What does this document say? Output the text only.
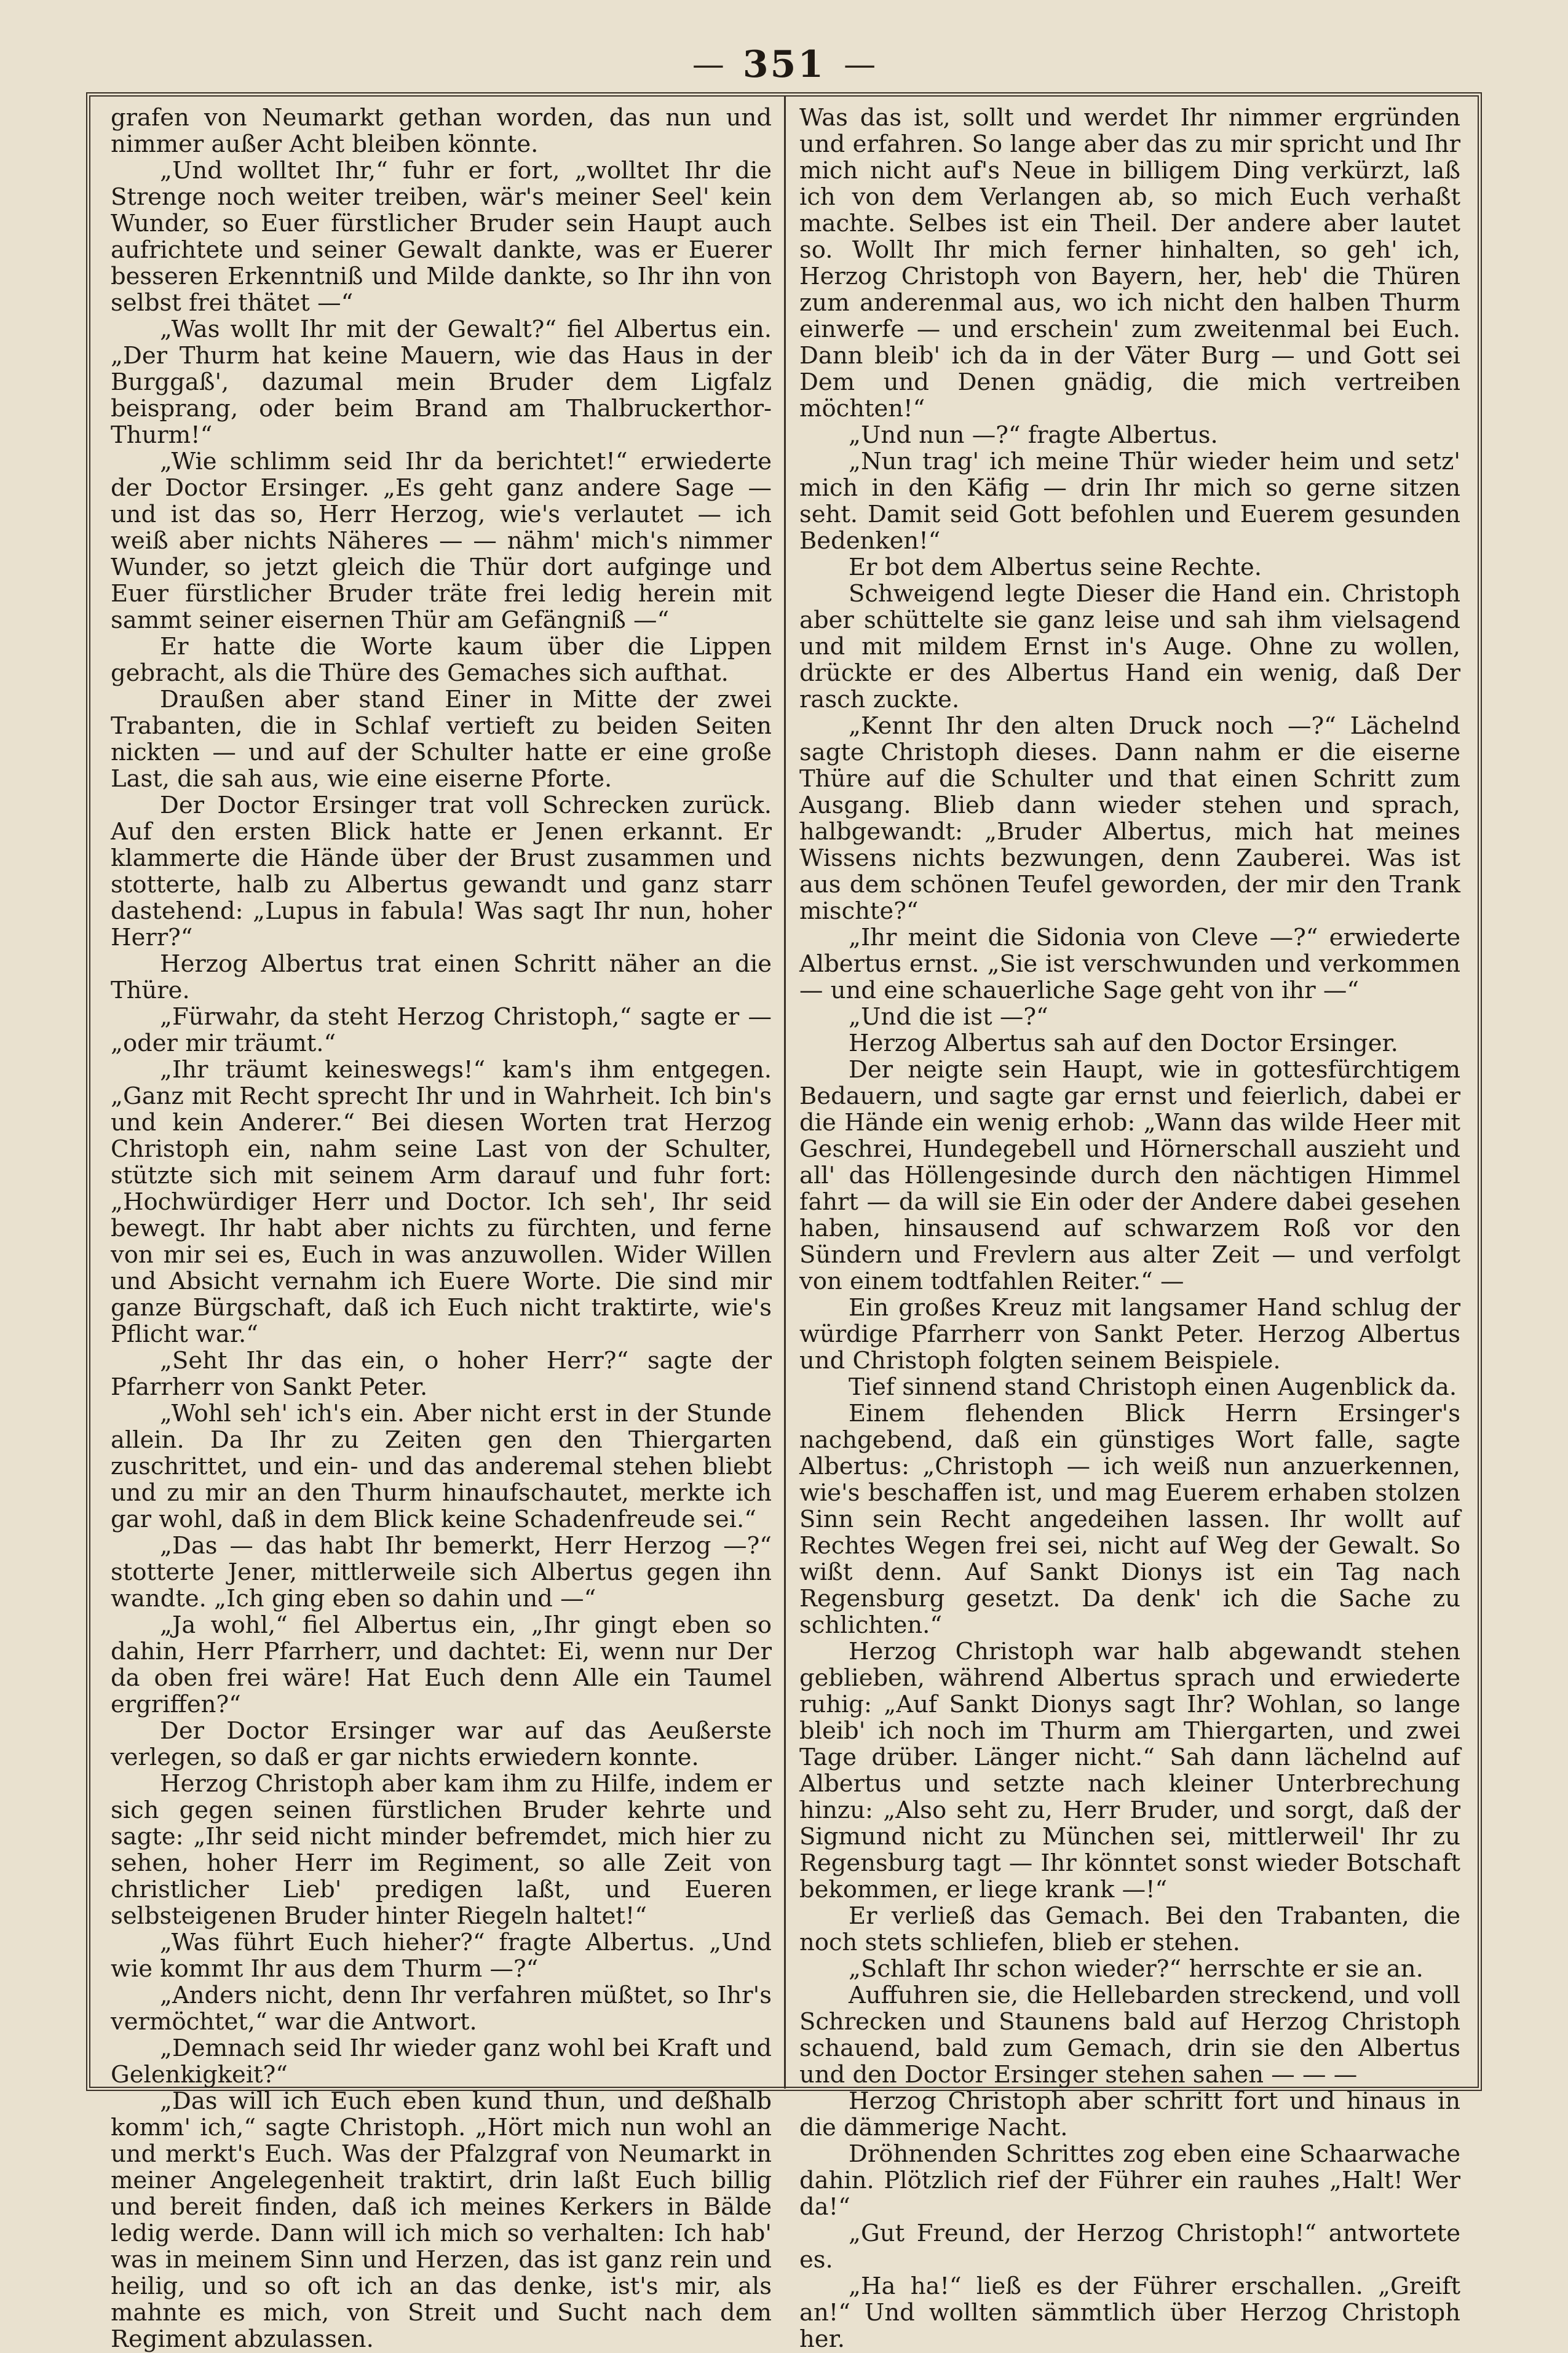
— 351 —

grafen von Neumarkt gethan worden, das nun und nimmer außer Acht bleiben könnte.

„Und wolltet Ihr,“ fuhr er fort, „wolltet Ihr die Strenge noch weiter treiben, wär's meiner Seel' kein Wunder, so Euer fürstlicher Bruder sein Haupt auch aufrichtete und seiner Gewalt dankte, was er Euerer besseren Erkenntniß und Milde dankte, so Ihr ihn von selbst frei thätet —“

„Was wollt Ihr mit der Gewalt?“ fiel Albertus ein. „Der Thurm hat keine Mauern, wie das Haus in der Burggaß', dazumal mein Bruder dem Ligfalz beisprang, oder beim Brand am Thalbruckerthor-Thurm!“

„Wie schlimm seid Ihr da berichtet!“ erwiederte der Doctor Ersinger. „Es geht ganz andere Sage — und ist das so, Herr Herzog, wie's verlautet — ich weiß aber nichts Näheres — — nähm' mich's nimmer Wunder, so jetzt gleich die Thür dort aufginge und Euer fürstlicher Bruder träte frei ledig herein mit sammt seiner eisernen Thür am Gefängniß —“

Er hatte die Worte kaum über die Lippen gebracht, als die Thüre des Gemaches sich aufthat.

Draußen aber stand Einer in Mitte der zwei Trabanten, die in Schlaf vertieft zu beiden Seiten nickten — und auf der Schulter hatte er eine große Last, die sah aus, wie eine eiserne Pforte.

Der Doctor Ersinger trat voll Schrecken zurück. Auf den ersten Blick hatte er Jenen erkannt. Er klammerte die Hände über der Brust zusammen und stotterte, halb zu Albertus gewandt und ganz starr dastehend: „Lupus in fabula! Was sagt Ihr nun, hoher Herr?“

Herzog Albertus trat einen Schritt näher an die Thüre.

„Fürwahr, da steht Herzog Christoph,“ sagte er — „oder mir träumt.“

„Ihr träumt keineswegs!“ kam's ihm entgegen. „Ganz mit Recht sprecht Ihr und in Wahrheit. Ich bin's und kein Anderer.“ Bei diesen Worten trat Herzog Christoph ein, nahm seine Last von der Schulter, stützte sich mit seinem Arm darauf und fuhr fort: „Hochwürdiger Herr und Doctor. Ich seh', Ihr seid bewegt. Ihr habt aber nichts zu fürchten, und ferne von mir sei es, Euch in was anzuwollen. Wider Willen und Absicht vernahm ich Euere Worte. Die sind mir ganze Bürgschaft, daß ich Euch nicht traktirte, wie's Pflicht war.“

„Seht Ihr das ein, o hoher Herr?“ sagte der Pfarrherr von Sankt Peter.

„Wohl seh' ich's ein. Aber nicht erst in der Stunde allein. Da Ihr zu Zeiten gen den Thiergarten zuschrittet, und ein- und das anderemal stehen bliebt und zu mir an den Thurm hinaufschautet, merkte ich gar wohl, daß in dem Blick keine Schadenfreude sei.“

„Das — das habt Ihr bemerkt, Herr Herzog —?“ stotterte Jener, mittlerweile sich Albertus gegen ihn wandte. „Ich ging eben so dahin und —“

„Ja wohl,“ fiel Albertus ein, „Ihr gingt eben so dahin, Herr Pfarrherr, und dachtet: Ei, wenn nur Der da oben frei wäre! Hat Euch denn Alle ein Taumel ergriffen?“

Der Doctor Ersinger war auf das Aeußerste verlegen, so daß er gar nichts erwiedern konnte.

Herzog Christoph aber kam ihm zu Hilfe, indem er sich gegen seinen fürstlichen Bruder kehrte und sagte: „Ihr seid nicht minder befremdet, mich hier zu sehen, hoher Herr im Regiment, so alle Zeit von christlicher Lieb' predigen laßt, und Eueren selbsteigenen Bruder hinter Riegeln haltet!“

„Was führt Euch hieher?“ fragte Albertus. „Und wie kommt Ihr aus dem Thurm —?“

„Anders nicht, denn Ihr verfahren müßtet, so Ihr's vermöchtet,“ war die Antwort.

„Demnach seid Ihr wieder ganz wohl bei Kraft und Gelenkigkeit?“

„Das will ich Euch eben kund thun, und deßhalb komm' ich,“ sagte Christoph. „Hört mich nun wohl an und merkt's Euch. Was der Pfalzgraf von Neumarkt in meiner Angelegenheit traktirt, drin laßt Euch billig und bereit finden, daß ich meines Kerkers in Bälde ledig werde. Dann will ich mich so verhalten: Ich hab' was in meinem Sinn und Herzen, das ist ganz rein und heilig, und so oft ich an das denke, ist's mir, als mahnte es mich, von Streit und Sucht nach dem Regiment abzulassen.

Was das ist, sollt und werdet Ihr nimmer ergründen und erfahren. So lange aber das zu mir spricht und Ihr mich nicht auf's Neue in billigem Ding verkürzt, laß ich von dem Verlangen ab, so mich Euch verhaßt machte. Selbes ist ein Theil. Der andere aber lautet so. Wollt Ihr mich ferner hinhalten, so geh' ich, Herzog Christoph von Bayern, her, heb' die Thüren zum anderenmal aus, wo ich nicht den halben Thurm einwerfe — und erschein' zum zweitenmal bei Euch. Dann bleib' ich da in der Väter Burg — und Gott sei Dem und Denen gnädig, die mich vertreiben möchten!“

„Und nun —?“ fragte Albertus.

„Nun trag' ich meine Thür wieder heim und setz' mich in den Käfig — drin Ihr mich so gerne sitzen seht. Damit seid Gott befohlen und Euerem gesunden Bedenken!“

Er bot dem Albertus seine Rechte.

Schweigend legte Dieser die Hand ein. Christoph aber schüttelte sie ganz leise und sah ihm vielsagend und mit mildem Ernst in's Auge. Ohne zu wollen, drückte er des Albertus Hand ein wenig, daß Der rasch zuckte.

„Kennt Ihr den alten Druck noch —?“ Lächelnd sagte Christoph dieses. Dann nahm er die eiserne Thüre auf die Schulter und that einen Schritt zum Ausgang. Blieb dann wieder stehen und sprach, halbgewandt: „Bruder Albertus, mich hat meines Wissens nichts bezwungen, denn Zauberei. Was ist aus dem schönen Teufel geworden, der mir den Trank mischte?“

„Ihr meint die Sidonia von Cleve —?“ erwiederte Albertus ernst. „Sie ist verschwunden und verkommen — und eine schauerliche Sage geht von ihr —“

„Und die ist —?“

Herzog Albertus sah auf den Doctor Ersinger.

Der neigte sein Haupt, wie in gottesfürchtigem Bedauern, und sagte gar ernst und feierlich, dabei er die Hände ein wenig erhob: „Wann das wilde Heer mit Geschrei, Hundegebell und Hörnerschall auszieht und all' das Höllengesinde durch den nächtigen Himmel fahrt — da will sie Ein oder der Andere dabei gesehen haben, hinsausend auf schwarzem Roß vor den Sündern und Frevlern aus alter Zeit — und verfolgt von einem todtfahlen Reiter.“ —

Ein großes Kreuz mit langsamer Hand schlug der würdige Pfarrherr von Sankt Peter. Herzog Albertus und Christoph folgten seinem Beispiele.

Tief sinnend stand Christoph einen Augenblick da.

Einem flehenden Blick Herrn Ersinger's nachgebend, daß ein günstiges Wort falle, sagte Albertus: „Christoph — ich weiß nun anzuerkennen, wie's beschaffen ist, und mag Euerem erhaben stolzen Sinn sein Recht angedeihen lassen. Ihr wollt auf Rechtes Wegen frei sei, nicht auf Weg der Gewalt. So wißt denn. Auf Sankt Dionys ist ein Tag nach Regensburg gesetzt. Da denk' ich die Sache zu schlichten.“

Herzog Christoph war halb abgewandt stehen geblieben, während Albertus sprach und erwiederte ruhig: „Auf Sankt Dionys sagt Ihr? Wohlan, so lange bleib' ich noch im Thurm am Thiergarten, und zwei Tage drüber. Länger nicht.“ Sah dann lächelnd auf Albertus und setzte nach kleiner Unterbrechung hinzu: „Also seht zu, Herr Bruder, und sorgt, daß der Sigmund nicht zu München sei, mittlerweil' Ihr zu Regensburg tagt — Ihr könntet sonst wieder Botschaft bekommen, er liege krank —!“

Er verließ das Gemach. Bei den Trabanten, die noch stets schliefen, blieb er stehen.

„Schlaft Ihr schon wieder?“ herrschte er sie an.

Auffuhren sie, die Hellebarden streckend, und voll Schrecken und Staunens bald auf Herzog Christoph schauend, bald zum Gemach, drin sie den Albertus und den Doctor Ersinger stehen sahen — — —

Herzog Christoph aber schritt fort und hinaus in die dämmerige Nacht.

Dröhnenden Schrittes zog eben eine Schaarwache dahin. Plötzlich rief der Führer ein rauhes „Halt! Wer da!“

„Gut Freund, der Herzog Christoph!“ antwortete es.

„Ha ha!“ ließ es der Führer erschallen. „Greift an!“ Und wollten sämmtlich über Herzog Christoph her.
